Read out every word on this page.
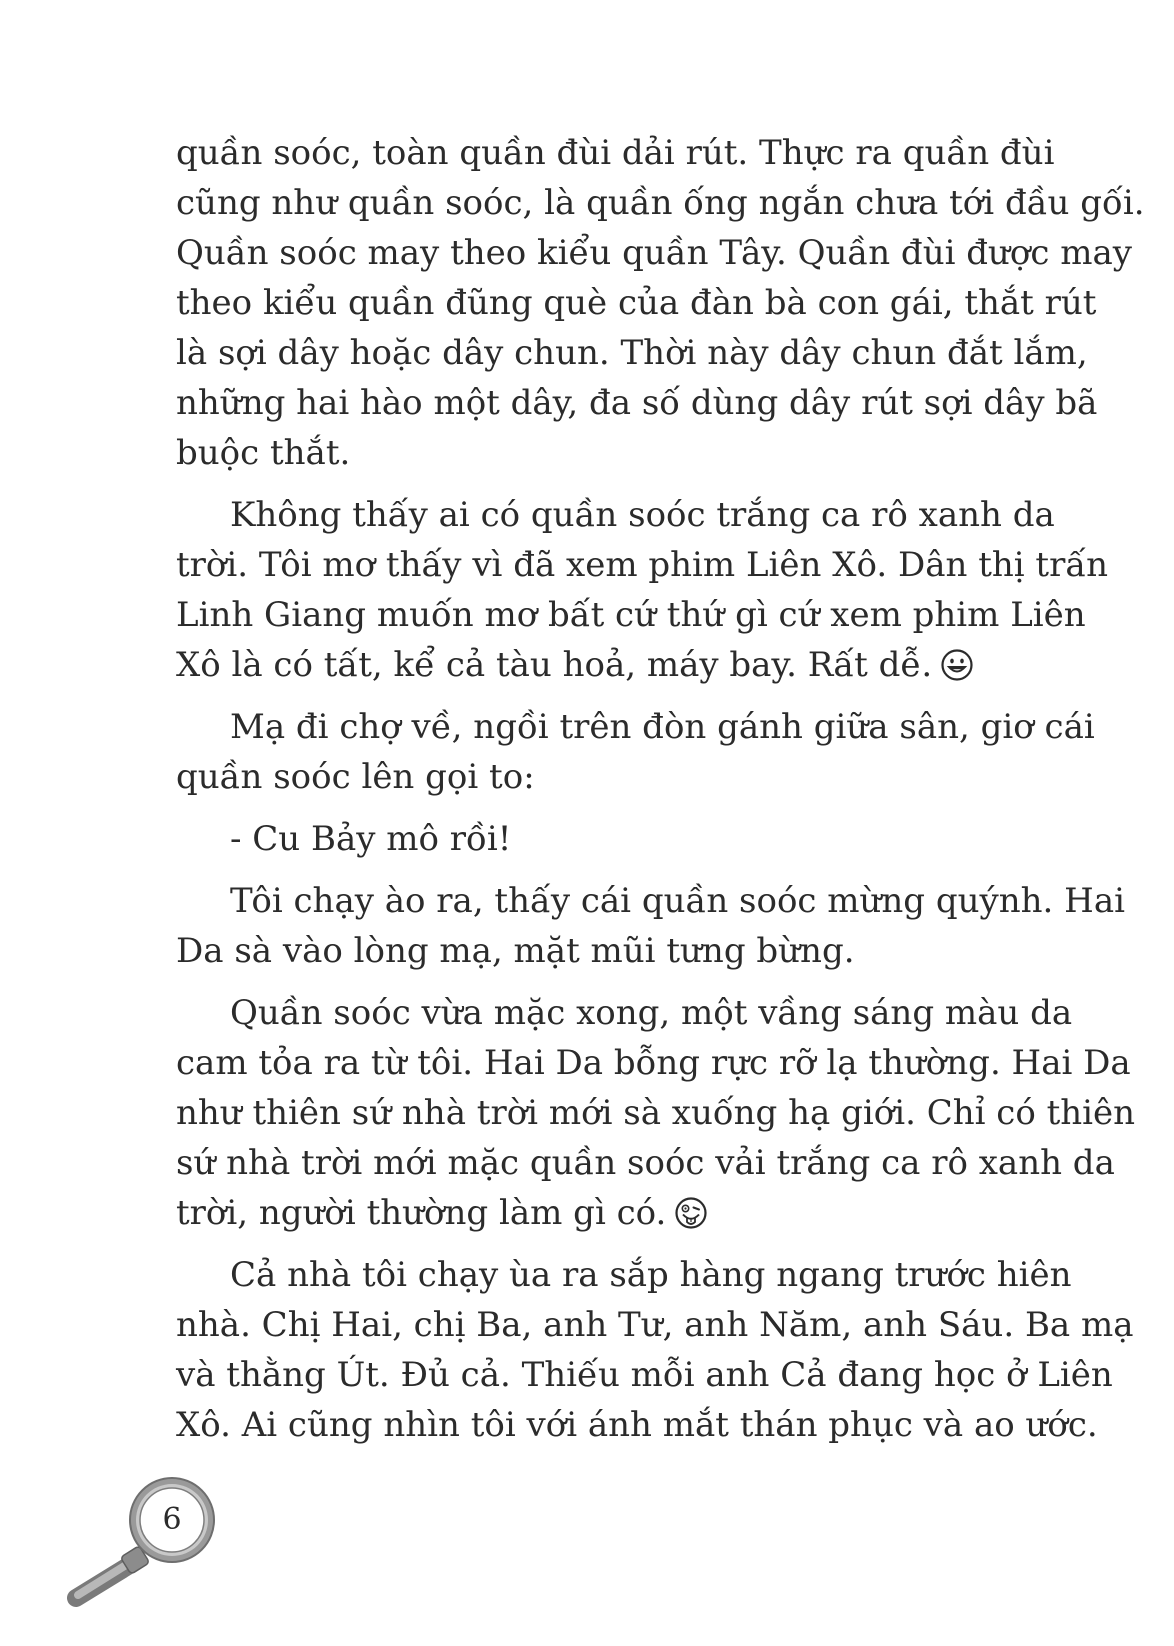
quần soóc, toàn quần đùi dải rút. Thực ra quần đùi
cũng như quần soóc, là quần ống ngắn chưa tới đầu gối.
Quần soóc may theo kiểu quần Tây. Quần đùi được may
theo kiểu quần đũng què của đàn bà con gái, thắt rút
là sợi dây hoặc dây chun. Thời này dây chun đắt lắm,
những hai hào một dây, đa số dùng dây rút sợi dây bã
buộc thắt.

Không thấy ai có quần soóc trắng ca rô xanh da
trời. Tôi mơ thấy vì đã xem phim Liên Xô. Dân thị trấn
Linh Giang muốn mơ bất cứ thứ gì cứ xem phim Liên
Xô là có tất, kể cả tàu hoả, máy bay. Rất dễ.

Mạ đi chợ về, ngồi trên đòn gánh giữa sân, giơ cái
quần soóc lên gọi to:

- Cu Bảy mô rồi!

Tôi chạy ào ra, thấy cái quần soóc mừng quýnh. Hai
Da sà vào lòng mạ, mặt mũi tưng bừng.

Quần soóc vừa mặc xong, một vầng sáng màu da
cam tỏa ra từ tôi. Hai Da bỗng rực rỡ lạ thường. Hai Da
như thiên sứ nhà trời mới sà xuống hạ giới. Chỉ có thiên
sứ nhà trời mới mặc quần soóc vải trắng ca rô xanh da
trời, người thường làm gì có.

Cả nhà tôi chạy ùa ra sắp hàng ngang trước hiên
nhà. Chị Hai, chị Ba, anh Tư, anh Năm, anh Sáu. Ba mạ
và thằng Út. Đủ cả. Thiếu mỗi anh Cả đang học ở Liên
Xô. Ai cũng nhìn tôi với ánh mắt thán phục và ao ước.

6
